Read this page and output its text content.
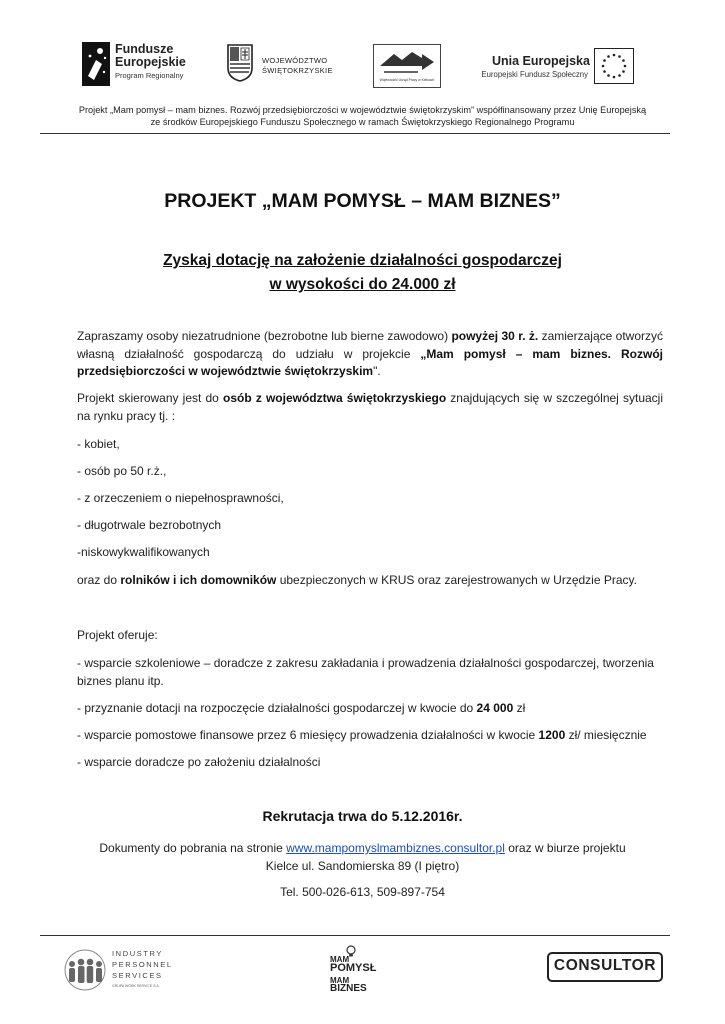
Fundusze
Europejskie
Program Regionalny
WOJEWÓDZTWO
ŚWIĘTOKRZYSKIE
Wojewódzki Urząd Pracy w Kielcach
Unia Europejska
Europejski Fundusz Społeczny
Projekt „Mam pomysł – mam biznes. Rozwój przedsiębiorczości w województwie świętokrzyskim” współfinansowany przez Unię Europejską
ze środków Europejskiego Funduszu Społecznego w ramach Świętokrzyskiego Regionalnego Programu
PROJEKT „MAM POMYSŁ – MAM BIZNES”
Zyskaj dotację na założenie działalności gospodarczej
w wysokości do 24.000 zł
Zapraszamy osoby niezatrudnione (bezrobotne lub bierne zawodowo) powyżej 30 r. ż. zamierzające otworzyć własną działalność gospodarczą do udziału w projekcie „Mam pomysł – mam biznes. Rozwój przedsiębiorczości w województwie świętokrzyskim".
Projekt skierowany jest do osób z województwa świętokrzyskiego znajdujących się w szczególnej sytuacji na rynku pracy tj. :
- kobiet,
- osób po 50 r.ż.,
- z orzeczeniem o niepełnosprawności,
- długotrwale bezrobotnych
-niskowykwalifikowanych
oraz do rolników i ich domowników ubezpieczonych w KRUS oraz zarejestrowanych w Urzędzie Pracy.
Projekt oferuje:
- wsparcie szkoleniowe – doradcze z zakresu zakładania i prowadzenia działalności gospodarczej, tworzenia biznes planu itp.
- przyznanie dotacji na rozpoczęcie działalności gospodarczej w kwocie do 24 000 zł
- wsparcie pomostowe finansowe przez 6 miesięcy prowadzenia działalności w kwocie 1200 zł/ miesięcznie
- wsparcie doradcze po założeniu działalności
Rekrutacja trwa do 5.12.2016r.
Dokumenty do pobrania na stronie www.mampomyslmambiznes.consultor.pl oraz w biurze projektu
Kielce ul. Sandomierska 89 (I piętro)
Tel. 500-026-613, 509-897-754
INDUSTRY
PERSONNEL
SERVICES
GRUPA WORK SERVICE S.A.
MAM
POMYSŁ
MAM
BIZNES
CONSULTOR
